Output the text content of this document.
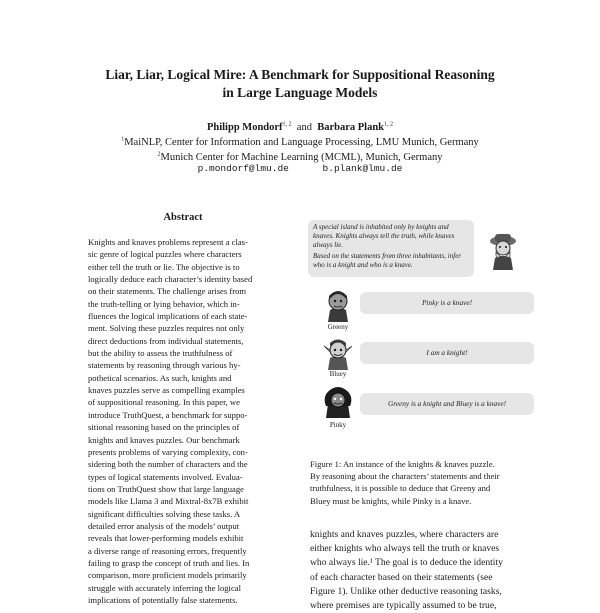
Liar, Liar, Logical Mire: A Benchmark for Suppositional Reasoning
in Large Language Models
Philipp Mondorf$^{1, 2}$ and Barbara Plank$^{1, 2}$
$^1$MaiNLP, Center for Information and Language Processing, LMU Munich, Germany
$^2$Munich Center for Machine Learning (MCML), Munich, Germany
p.mondorf@lmu.de	b.plank@lmu.de
Abstract
Knights and knaves problems represent a clas-
sic genre of logical puzzles where characters
either tell the truth or lie. The objective is to
logically deduce each character’s identity based
on their statements. The challenge arises from
the truth-telling or lying behavior, which in-
fluences the logical implications of each state-
ment. Solving these puzzles requires not only
direct deductions from individual statements,
but the ability to assess the truthfulness of
statements by reasoning through various hy-
pothetical scenarios. As such, knights and
knaves puzzles serve as compelling examples
of suppositional reasoning. In this paper, we
introduce TruthQuest, a benchmark for suppo-
sitional reasoning based on the principles of
knights and knaves puzzles. Our benchmark
presents problems of varying complexity, con-
sidering both the number of characters and the
types of logical statements involved. Evalua-
tions on TruthQuest show that large language
models like Llama 3 and Mixtral-8x7B exhibit
significant difficulties solving these tasks. A
detailed error analysis of the models’ output
reveals that lower-performing models exhibit
a diverse range of reasoning errors, frequently
failing to grasp the concept of truth and lies. In
comparison, more proficient models primarily
struggle with accurately inferring the logical
implications of potentially false statements.

A special island is inhabited only by knights and knaves. Knights always tell the truth, while knaves always lie.

Based on the statements from three inhabitants, infer who is a knight and who is a knave.

Greeny
Pinky is a knave!
Bluey
I am a knight!
Pinky
Greeny is a knight and Bluey is a knave!
Figure 1: An instance of the knights & knaves puzzle.
By reasoning about the characters’ statements and their
truthfulness, it is possible to deduce that Greeny and
Bluey must be knights, while Pinky is a knave.
knights and knaves puzzles, where characters are
either knights who always tell the truth or knaves
who always lie.¹ The goal is to deduce the identity
of each character based on their statements (see
Figure 1). Unlike other deductive reasoning tasks,
where premises are typically assumed to be true,
